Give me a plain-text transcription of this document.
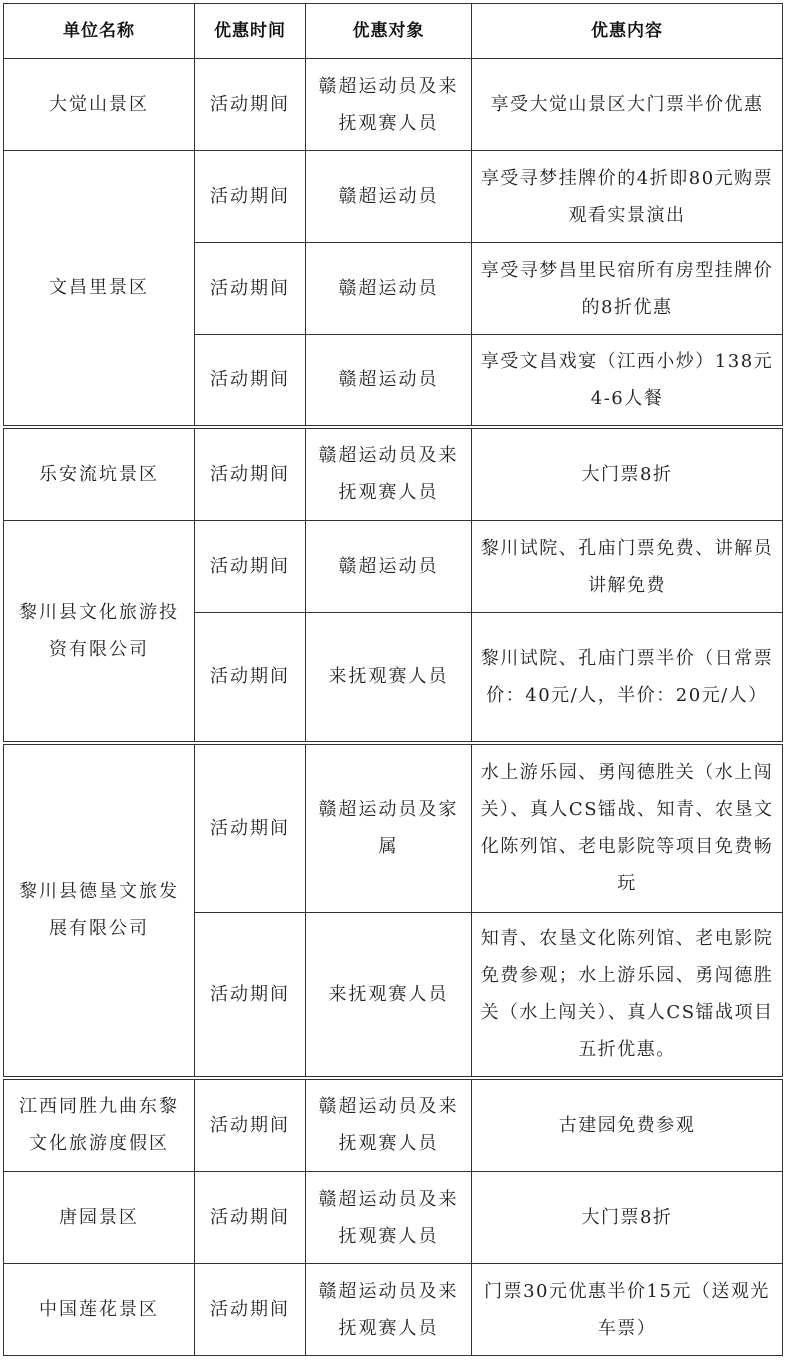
单位名称	优惠时间	优惠对象	优惠内容
大觉山景区	活动期间	赣超运动员及来抚观赛人员	享受大觉山景区大门票半价优惠
文昌里景区	活动期间	赣超运动员	享受寻梦挂牌价的4折即80元购票观看实景演出
	活动期间	赣超运动员	享受寻梦昌里民宿所有房型挂牌价的8折优惠
	活动期间	赣超运动员	享受文昌戏宴（江西小炒）138元4-6人餐
乐安流坑景区	活动期间	赣超运动员及来抚观赛人员	大门票8折
黎川县文化旅游投资有限公司	活动期间	赣超运动员	黎川试院、孔庙门票免费、讲解员讲解免费
	活动期间	来抚观赛人员	黎川试院、孔庙门票半价（日常票价：40元/人，半价：20元/人）
黎川县德垦文旅发展有限公司	活动期间	赣超运动员及家属	水上游乐园、勇闯德胜关（水上闯关）、真人CS镭战、知青、农垦文化陈列馆、老电影院等项目免费畅玩
	活动期间	来抚观赛人员	知青、农垦文化陈列馆、老电影院免费参观；水上游乐园、勇闯德胜关（水上闯关）、真人CS镭战项目五折优惠。
江西同胜九曲东黎文化旅游度假区	活动期间	赣超运动员及来抚观赛人员	古建园免费参观
唐园景区	活动期间	赣超运动员及来抚观赛人员	大门票8折
中国莲花景区	活动期间	赣超运动员及来抚观赛人员	门票30元优惠半价15元（送观光车票）
